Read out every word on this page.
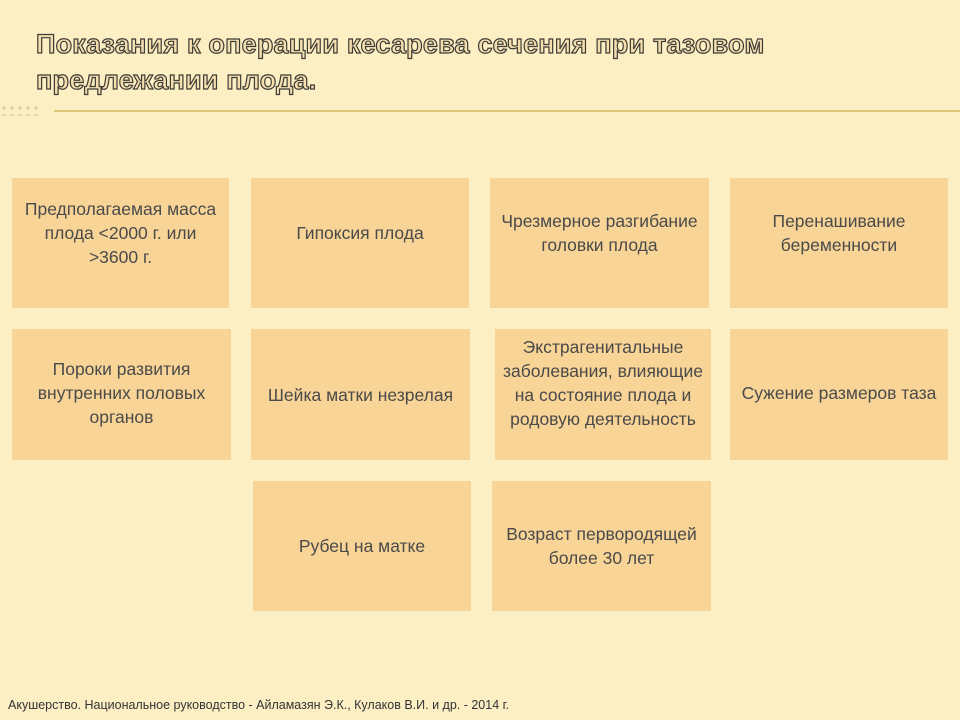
Показания к операции кесарева сечения при тазовом предлежании плода.
Предполагаемая масса плода <2000 г. или >3600 г.
Гипоксия плода
Чрезмерное разгибание головки плода
Перенашивание беременности
Пороки развития внутренних половых органов
Шейка матки незрелая
Экстрагенитальные заболевания, влияющие на состояние плода и родовую деятельность
Сужение размеров таза
Рубец на матке
Возраст первородящей более 30 лет
Акушерство. Национальное руководство - Айламазян Э.К., Кулаков В.И. и др. - 2014 г.
